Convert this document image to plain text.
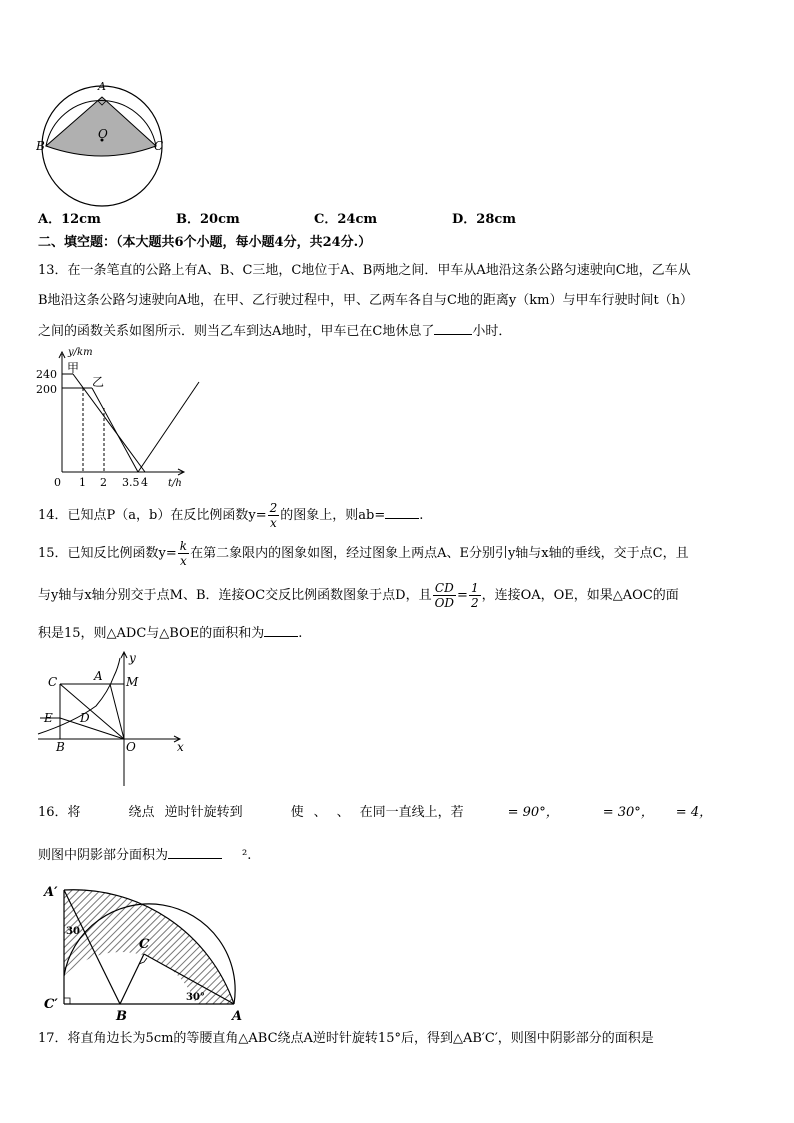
A
B	C
O
A．12cm	B．20cm	C．24cm	D．28cm
二、填空题：（本大题共6个小题，每小题4分，共24分.）
13．在一条笔直的公路上有A、B、C三地，C地位于A、B两地之间．甲车从A地沿这条公路匀速驶向C地，乙车从
B地沿这条公路匀速驶向A地，在甲、乙行驶过程中，甲、乙两车各自与C地的距离y（km）与甲车行驶时间t（h）
之间的函数关系如图所示．则当乙车到达A地时，甲车已在C地休息了	小时．
y/km
t/h
240
200
0 1 2 3.5 4
甲
乙
14．已知点P（a，b）在反比例函数$y= \frac{2}{x}$ 的图象上，则ab=	.
15．已知反比例函数$y= \frac{k}{x}$ 在第二象限内的图象如图，经过图象上两点A、E分别引y轴与x轴的垂线，交于点C，且
与y轴与x轴分别交于点M、B．连接OC交反比例函数图象于点D，且 $\frac{CD}{OD} = \frac{1}{2}$ ，连接OA，OE，如果△AOC的面
积是15，则△ADC与△BOE的面积和为	.
C	A M
y
E D
B	O	x
16．将	绕点 逆时针旋转到	使 、 、 在同一直线上，若	= 90°，	= 30°， = 4，
则图中阴影部分面积为	².
A′
C
C′
B	A
30
30°
17．将直角边长为5cm的等腰直角△ABC绕点A逆时针旋转15°后，得到△AB′C′，则图中阴影部分的面积是
